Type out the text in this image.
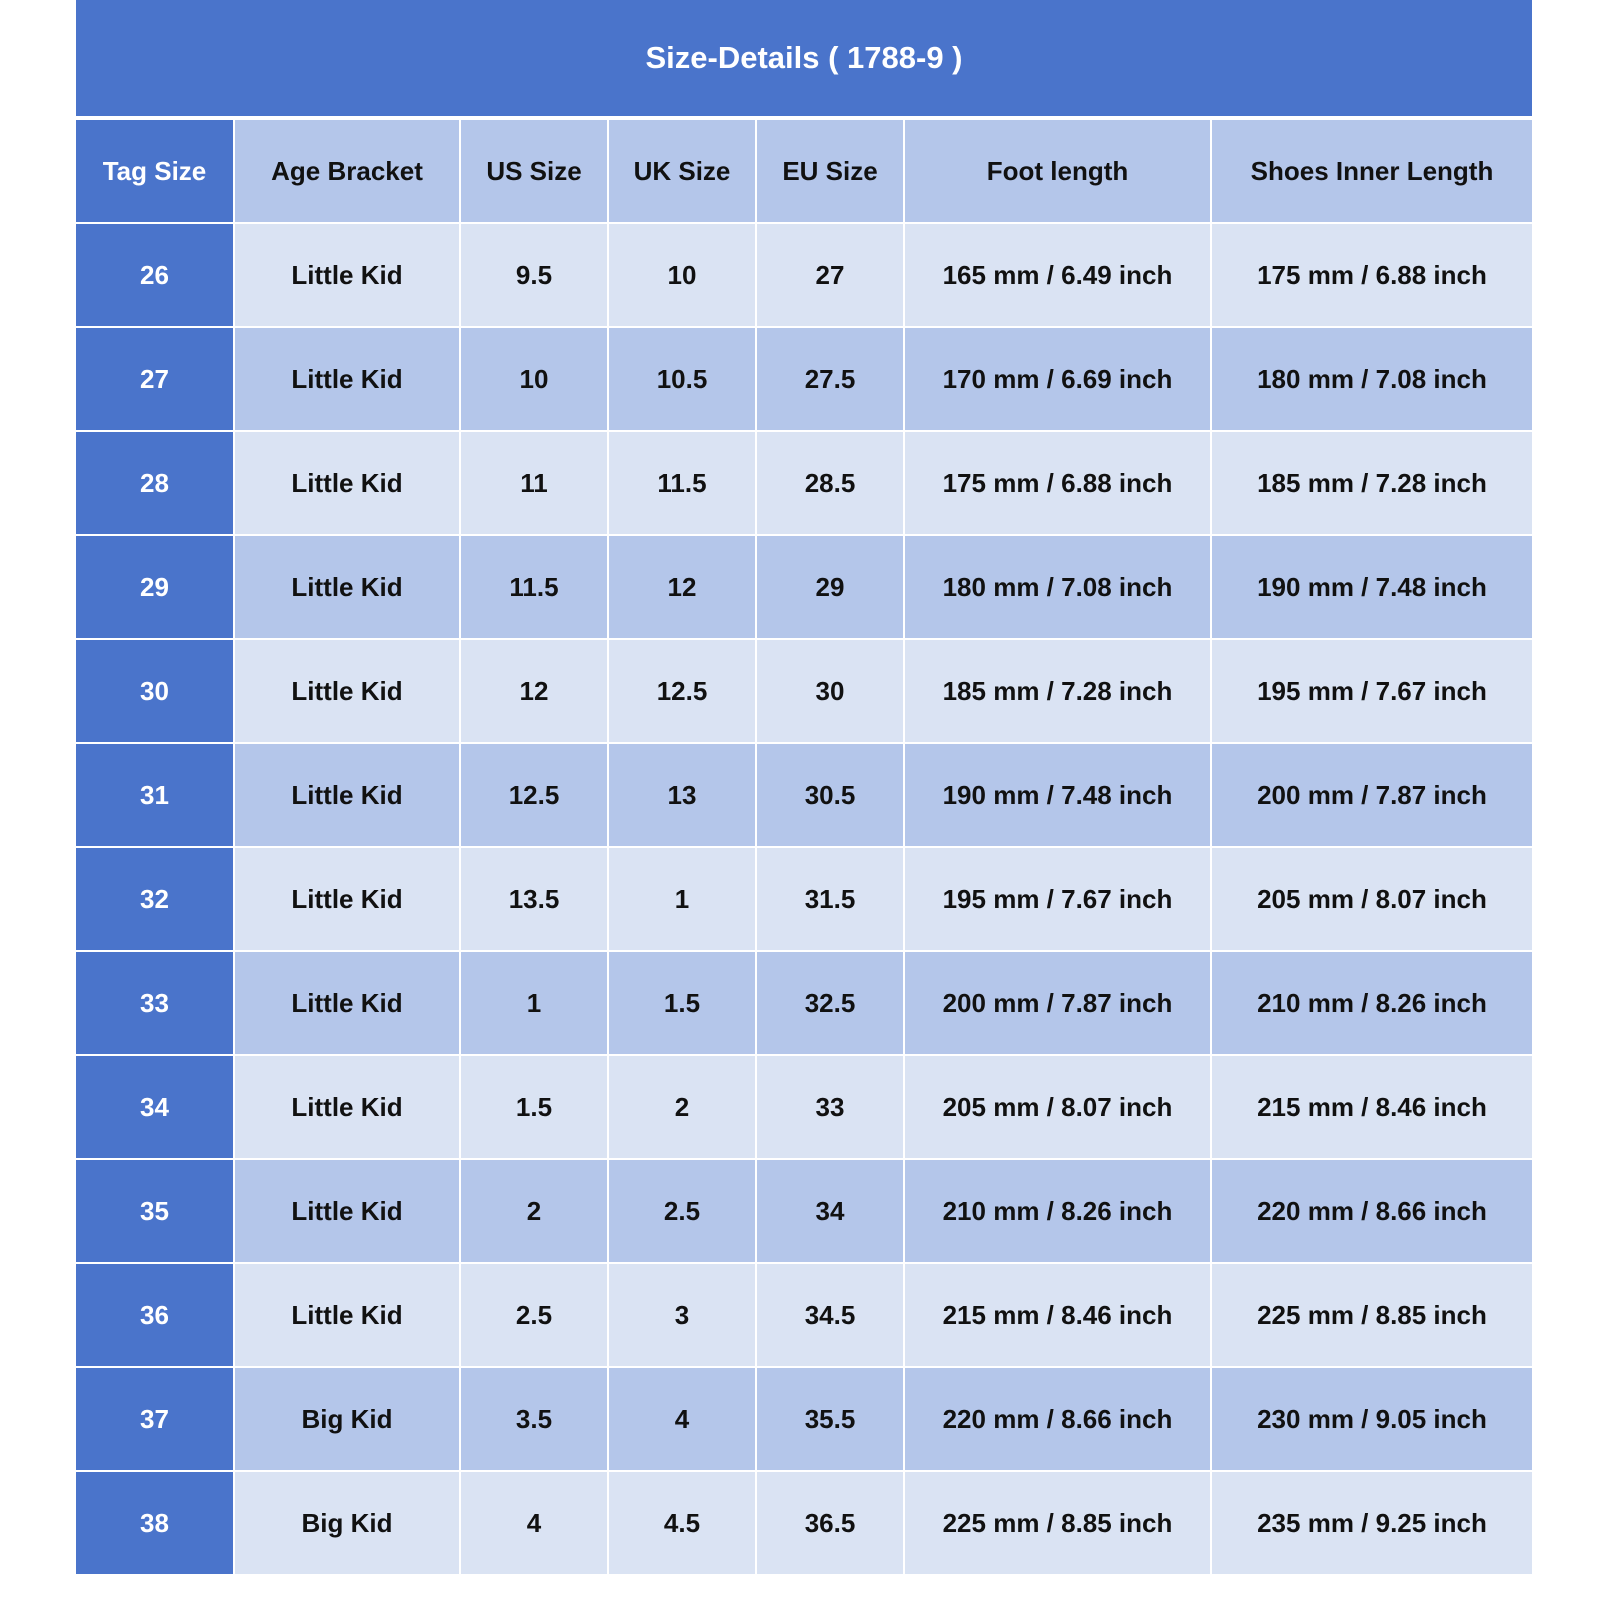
Size-Details ( 1788-9 )
Tag Size	Age Bracket	US Size	UK Size	EU Size	Foot length	Shoes Inner Length
26	Little Kid	9.5	10	27	165 mm / 6.49 inch	175 mm / 6.88 inch
27	Little Kid	10	10.5	27.5	170 mm / 6.69 inch	180 mm / 7.08 inch
28	Little Kid	11	11.5	28.5	175 mm / 6.88 inch	185 mm / 7.28 inch
29	Little Kid	11.5	12	29	180 mm / 7.08 inch	190 mm / 7.48 inch
30	Little Kid	12	12.5	30	185 mm / 7.28 inch	195 mm / 7.67 inch
31	Little Kid	12.5	13	30.5	190 mm / 7.48 inch	200 mm / 7.87 inch
32	Little Kid	13.5	1	31.5	195 mm / 7.67 inch	205 mm / 8.07 inch
33	Little Kid	1	1.5	32.5	200 mm / 7.87 inch	210 mm / 8.26 inch
34	Little Kid	1.5	2	33	205 mm / 8.07 inch	215 mm / 8.46 inch
35	Little Kid	2	2.5	34	210 mm / 8.26 inch	220 mm / 8.66 inch
36	Little Kid	2.5	3	34.5	215 mm / 8.46 inch	225 mm / 8.85 inch
37	Big Kid	3.5	4	35.5	220 mm / 8.66 inch	230 mm / 9.05 inch
38	Big Kid	4	4.5	36.5	225 mm / 8.85 inch	235 mm / 9.25 inch
